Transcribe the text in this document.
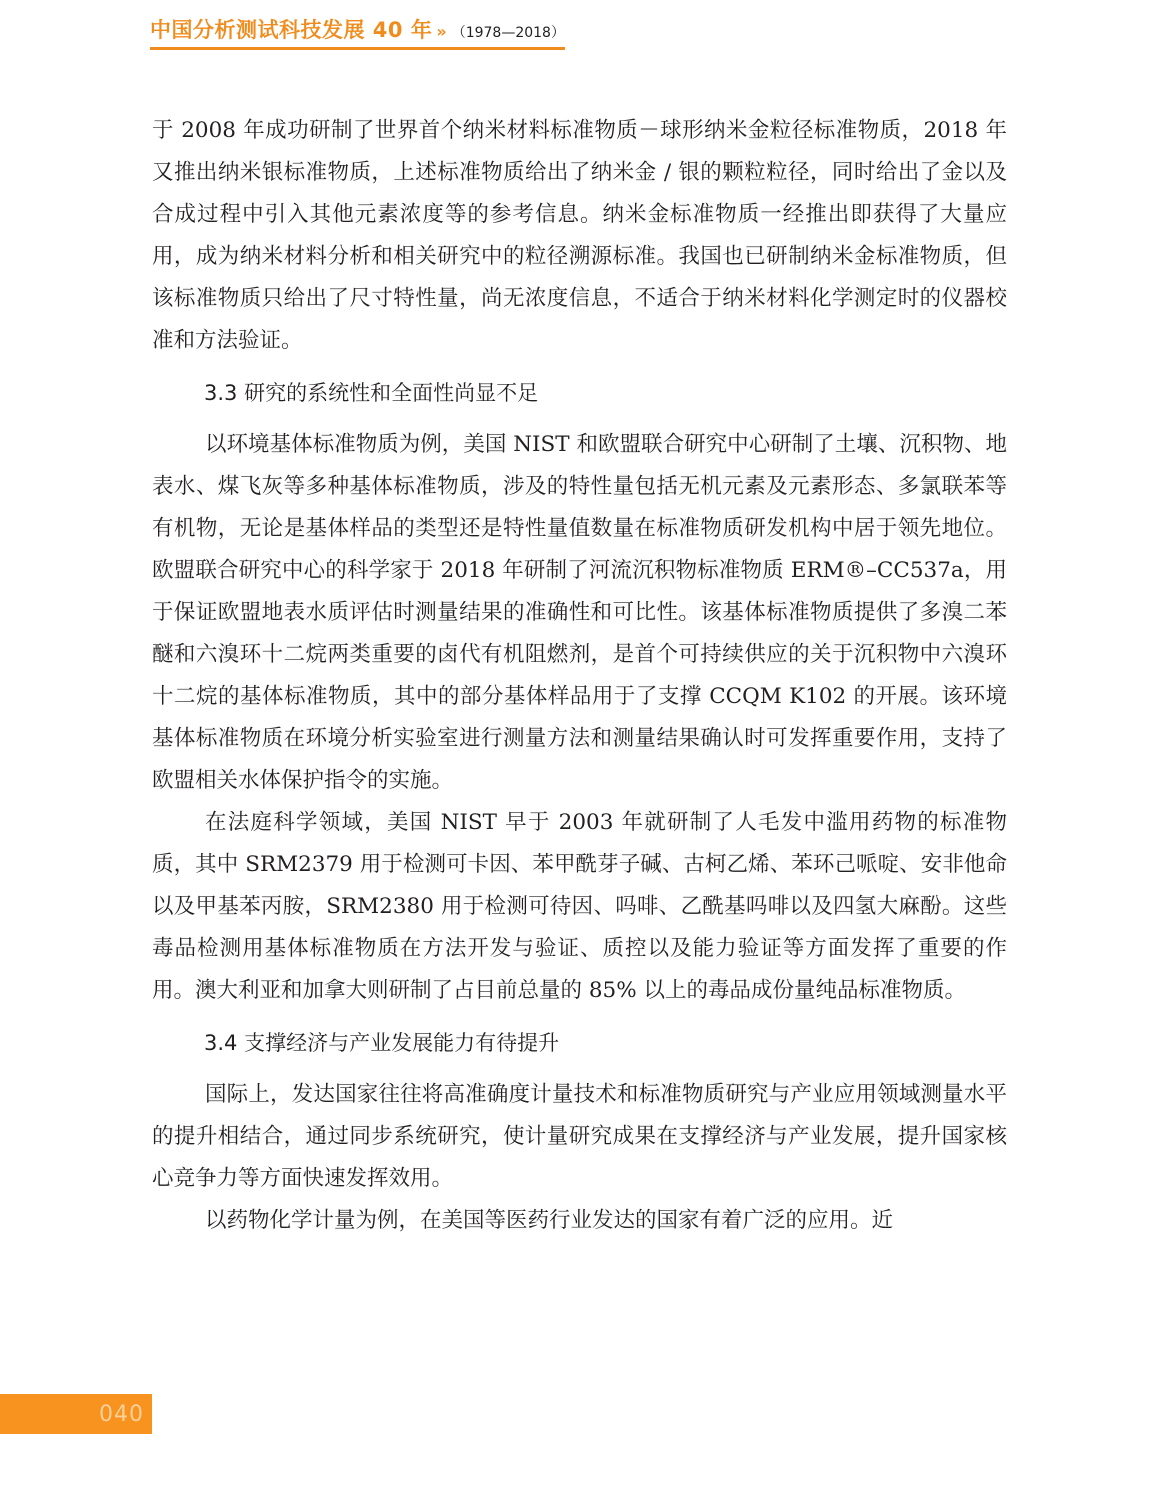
中国分析测试科技发展 40 年 » （1978—2018）

于 2008 年成功研制了世界首个纳米材料标准物质－球形纳米金粒径标准物质，2018 年又推出纳米银标准物质，上述标准物质给出了纳米金 / 银的颗粒粒径，同时给出了金以及合成过程中引入其他元素浓度等的参考信息。纳米金标准物质一经推出即获得了大量应用，成为纳米材料分析和相关研究中的粒径溯源标准。我国也已研制纳米金标准物质，但该标准物质只给出了尺寸特性量，尚无浓度信息，不适合于纳米材料化学测定时的仪器校准和方法验证。

3.3 研究的系统性和全面性尚显不足

以环境基体标准物质为例，美国 NIST 和欧盟联合研究中心研制了土壤、沉积物、地表水、煤飞灰等多种基体标准物质，涉及的特性量包括无机元素及元素形态、多氯联苯等有机物，无论是基体样品的类型还是特性量值数量在标准物质研发机构中居于领先地位。欧盟联合研究中心的科学家于 2018 年研制了河流沉积物标准物质 ERM®–CC537a，用于保证欧盟地表水质评估时测量结果的准确性和可比性。该基体标准物质提供了多溴二苯醚和六溴环十二烷两类重要的卤代有机阻燃剂，是首个可持续供应的关于沉积物中六溴环十二烷的基体标准物质，其中的部分基体样品用于了支撑 CCQM K102 的开展。该环境基体标准物质在环境分析实验室进行测量方法和测量结果确认时可发挥重要作用，支持了欧盟相关水体保护指令的实施。

在法庭科学领域，美国 NIST 早于 2003 年就研制了人毛发中滥用药物的标准物质，其中 SRM2379 用于检测可卡因、苯甲酰芽子碱、古柯乙烯、苯环己哌啶、安非他命以及甲基苯丙胺，SRM2380 用于检测可待因、吗啡、乙酰基吗啡以及四氢大麻酚。这些毒品检测用基体标准物质在方法开发与验证、质控以及能力验证等方面发挥了重要的作用。澳大利亚和加拿大则研制了占目前总量的 85% 以上的毒品成份量纯品标准物质。

3.4 支撑经济与产业发展能力有待提升

国际上，发达国家往往将高准确度计量技术和标准物质研究与产业应用领域测量水平的提升相结合，通过同步系统研究，使计量研究成果在支撑经济与产业发展，提升国家核心竞争力等方面快速发挥效用。

以药物化学计量为例，在美国等医药行业发达的国家有着广泛的应用。近

040
